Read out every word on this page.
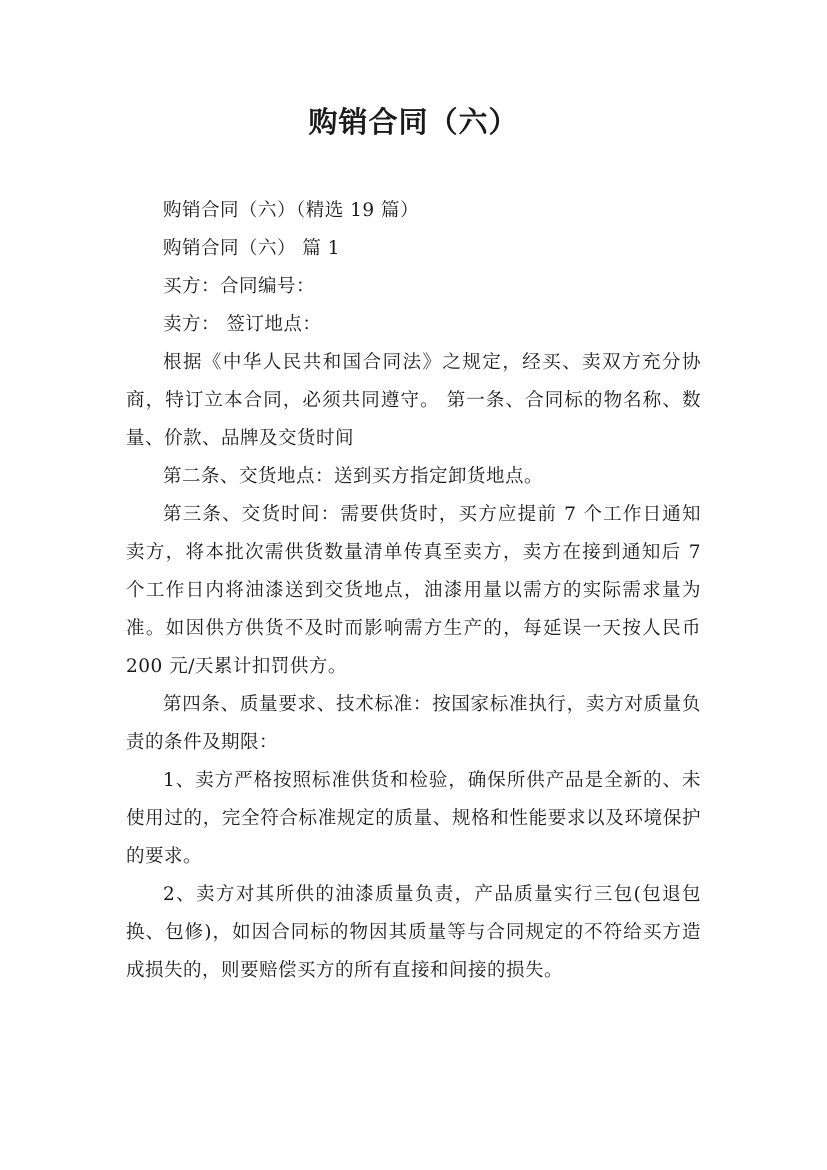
购销合同（六）

购销合同（六）（精选 19 篇）

购销合同（六） 篇 1

买方：合同编号：

卖方： 签订地点：

根据《中华人民共和国合同法》之规定，经买、卖双方充分协商，特订立本合同，必须共同遵守。 第一条、合同标的物名称、数量、价款、品牌及交货时间

第二条、交货地点：送到买方指定卸货地点。

第三条、交货时间：需要供货时，买方应提前 7 个工作日通知卖方，将本批次需供货数量清单传真至卖方，卖方在接到通知后 7 个工作日内将油漆送到交货地点，油漆用量以需方的实际需求量为准。如因供方供货不及时而影响需方生产的，每延误一天按人民币 200 元/天累计扣罚供方。

第四条、质量要求、技术标准：按国家标准执行，卖方对质量负责的条件及期限：

1、卖方严格按照标准供货和检验，确保所供产品是全新的、未使用过的，完全符合标准规定的质量、规格和性能要求以及环境保护的要求。

2、卖方对其所供的油漆质量负责，产品质量实行三包(包退包换、包修)，如因合同标的物因其质量等与合同规定的不符给买方造成损失的，则要赔偿买方的所有直接和间接的损失。
